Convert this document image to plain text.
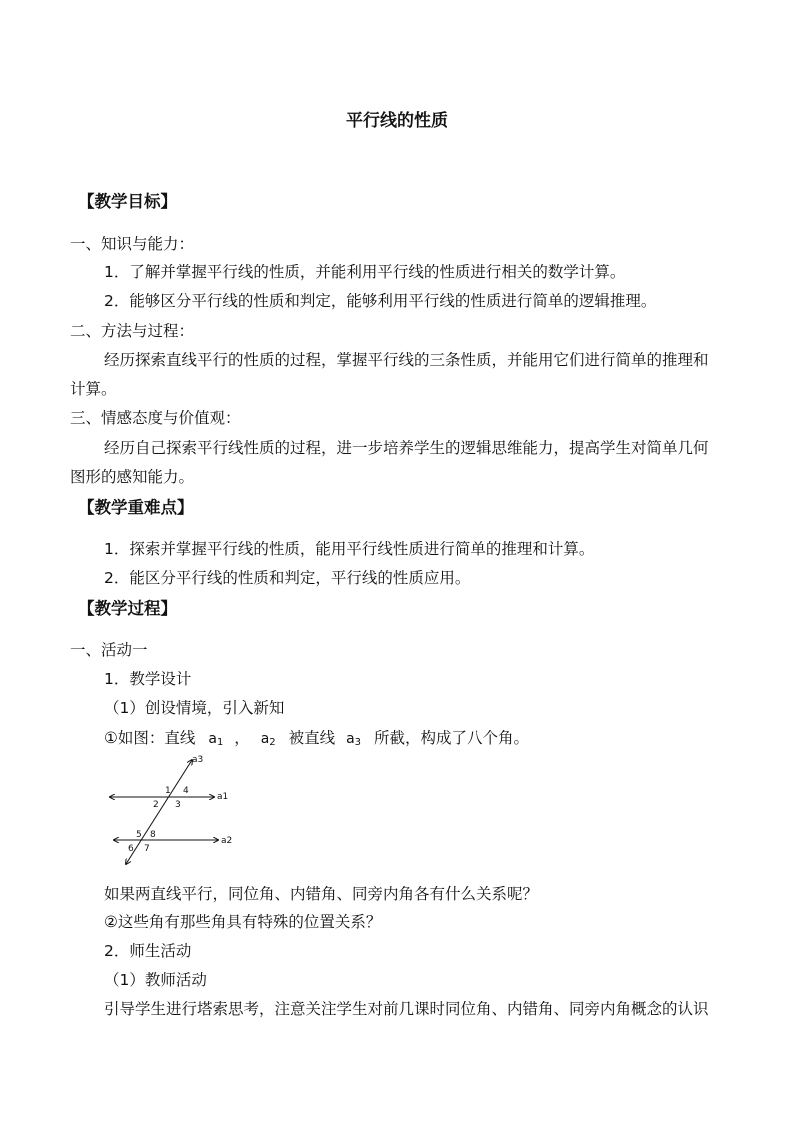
平行线的性质
【教学目标】
一、知识与能力：
1．了解并掌握平行线的性质，并能利用平行线的性质进行相关的数学计算。
2．能够区分平行线的性质和判定，能够利用平行线的性质进行简单的逻辑推理。
二、方法与过程：
经历探索直线平行的性质的过程，掌握平行线的三条性质，并能用它们进行简单的推理和
计算。
三、情感态度与价值观：
经历自己探索平行线性质的过程，进一步培养学生的逻辑思维能力，提高学生对简单几何
图形的感知能力。
【教学重难点】
1．探索并掌握平行线的性质，能用平行线性质进行简单的推理和计算。
2．能区分平行线的性质和判定，平行线的性质应用。
【教学过程】
一、活动一
1．教学设计
（1）创设情境，引入新知
①如图：直线 $a_1$ ， $a_2$ 被直线 $a_3$ 所截，构成了八个角。
a3
a1
a2
1 4
2 3
5 8
6 7
如果两直线平行，同位角、内错角、同旁内角各有什么关系呢？
②这些角有那些角具有特殊的位置关系？
2．师生活动
（1）教师活动
引导学生进行塔索思考，注意关注学生对前几课时同位角、内错角、同旁内角概念的认识
